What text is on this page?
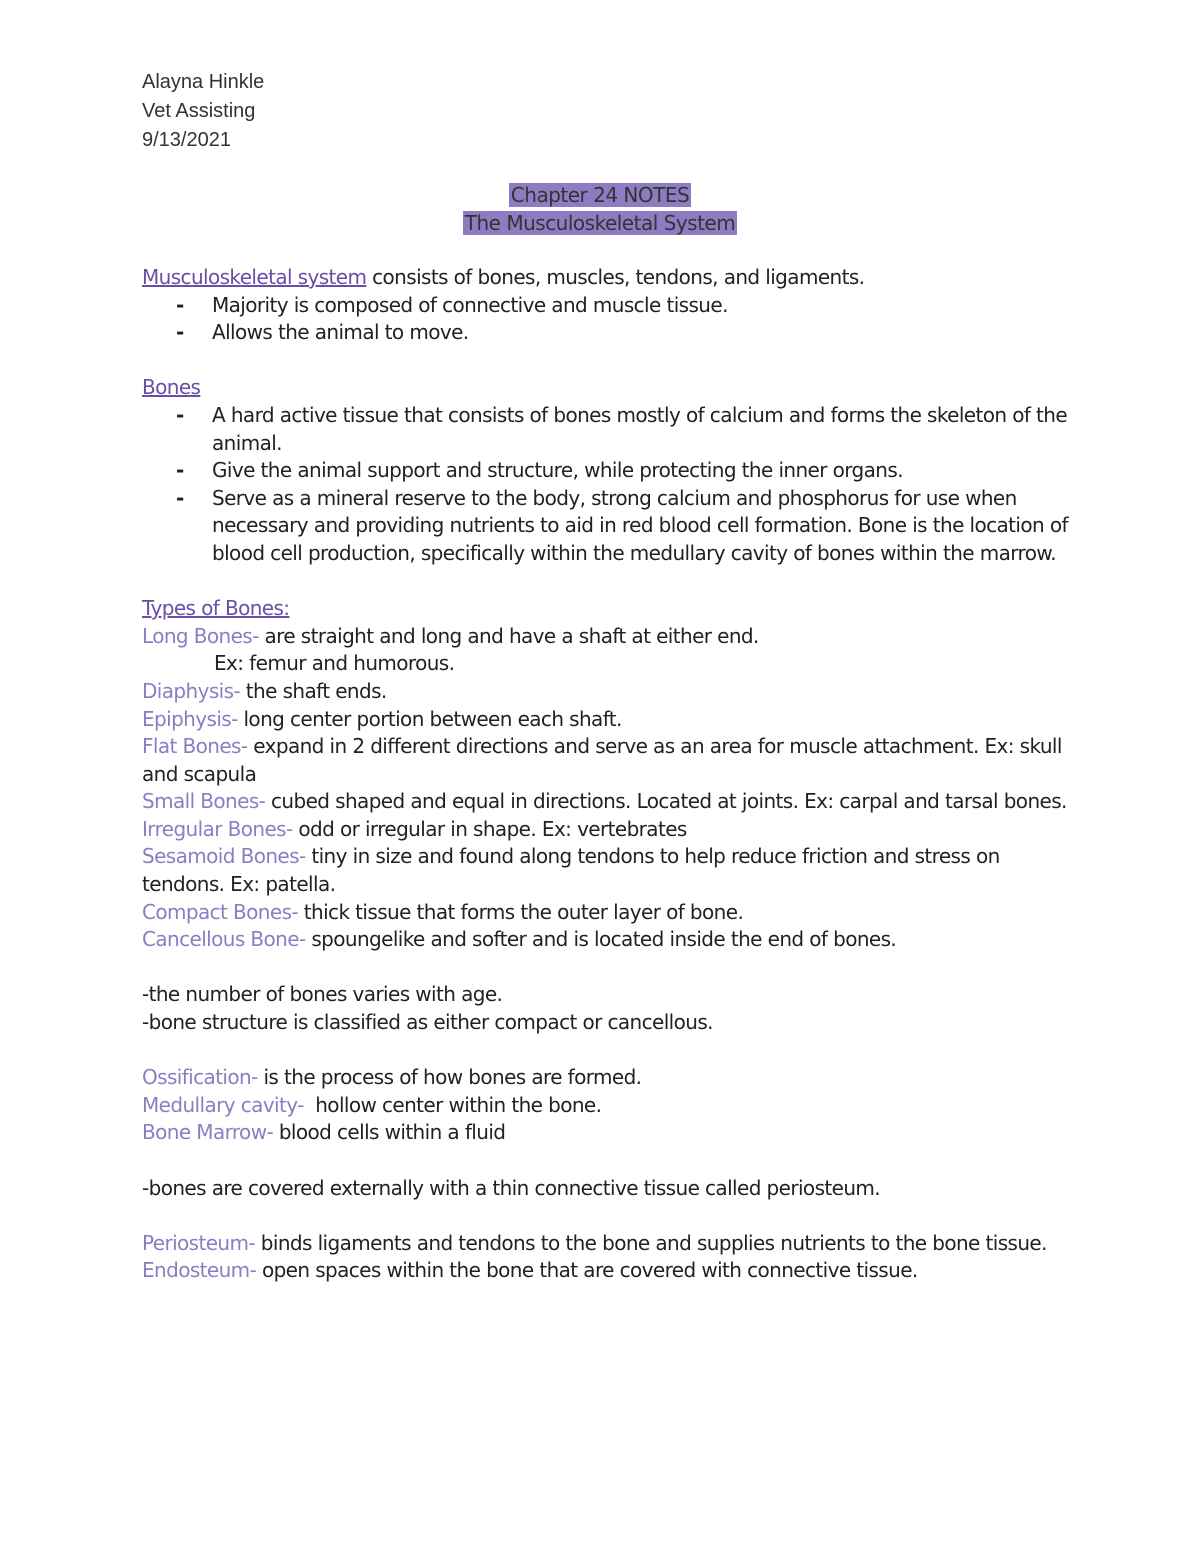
Alayna Hinkle
Vet Assisting
9/13/2021
Chapter 24 NOTES
The Musculoskeletal System

Musculoskeletal system consists of bones, muscles, tendons, and ligaments.

- Majority is composed of connective and muscle tissue.
- Allows the animal to move.

Bones

- A hard active tissue that consists of bones mostly of calcium and forms the skeleton of the animal.
- Give the animal support and structure, while protecting the inner organs.
- Serve as a mineral reserve to the body, strong calcium and phosphorus for use when necessary and providing nutrients to aid in red blood cell formation. Bone is the location of blood cell production, specifically within the medullary cavity of bones within the marrow.

Types of Bones:

Long Bones- are straight and long and have a shaft at either end.

Ex: femur and humorous.

Diaphysis- the shaft ends.

Epiphysis- long center portion between each shaft.

Flat Bones- expand in 2 different directions and serve as an area for muscle attachment. Ex: skull and scapula

Small Bones- cubed shaped and equal in directions. Located at joints. Ex: carpal and tarsal bones.

Irregular Bones- odd or irregular in shape. Ex: vertebrates

Sesamoid Bones- tiny in size and found along tendons to help reduce friction and stress on tendons. Ex: patella.

Compact Bones- thick tissue that forms the outer layer of bone.

Cancellous Bone- spoungelike and softer and is located inside the end of bones.

-the number of bones varies with age.

-bone structure is classified as either compact or cancellous.

Ossification- is the process of how bones are formed.

Medullary cavity-  hollow center within the bone.

Bone Marrow- blood cells within a fluid

-bones are covered externally with a thin connective tissue called periosteum.

Periosteum- binds ligaments and tendons to the bone and supplies nutrients to the bone tissue.

Endosteum- open spaces within the bone that are covered with connective tissue.
